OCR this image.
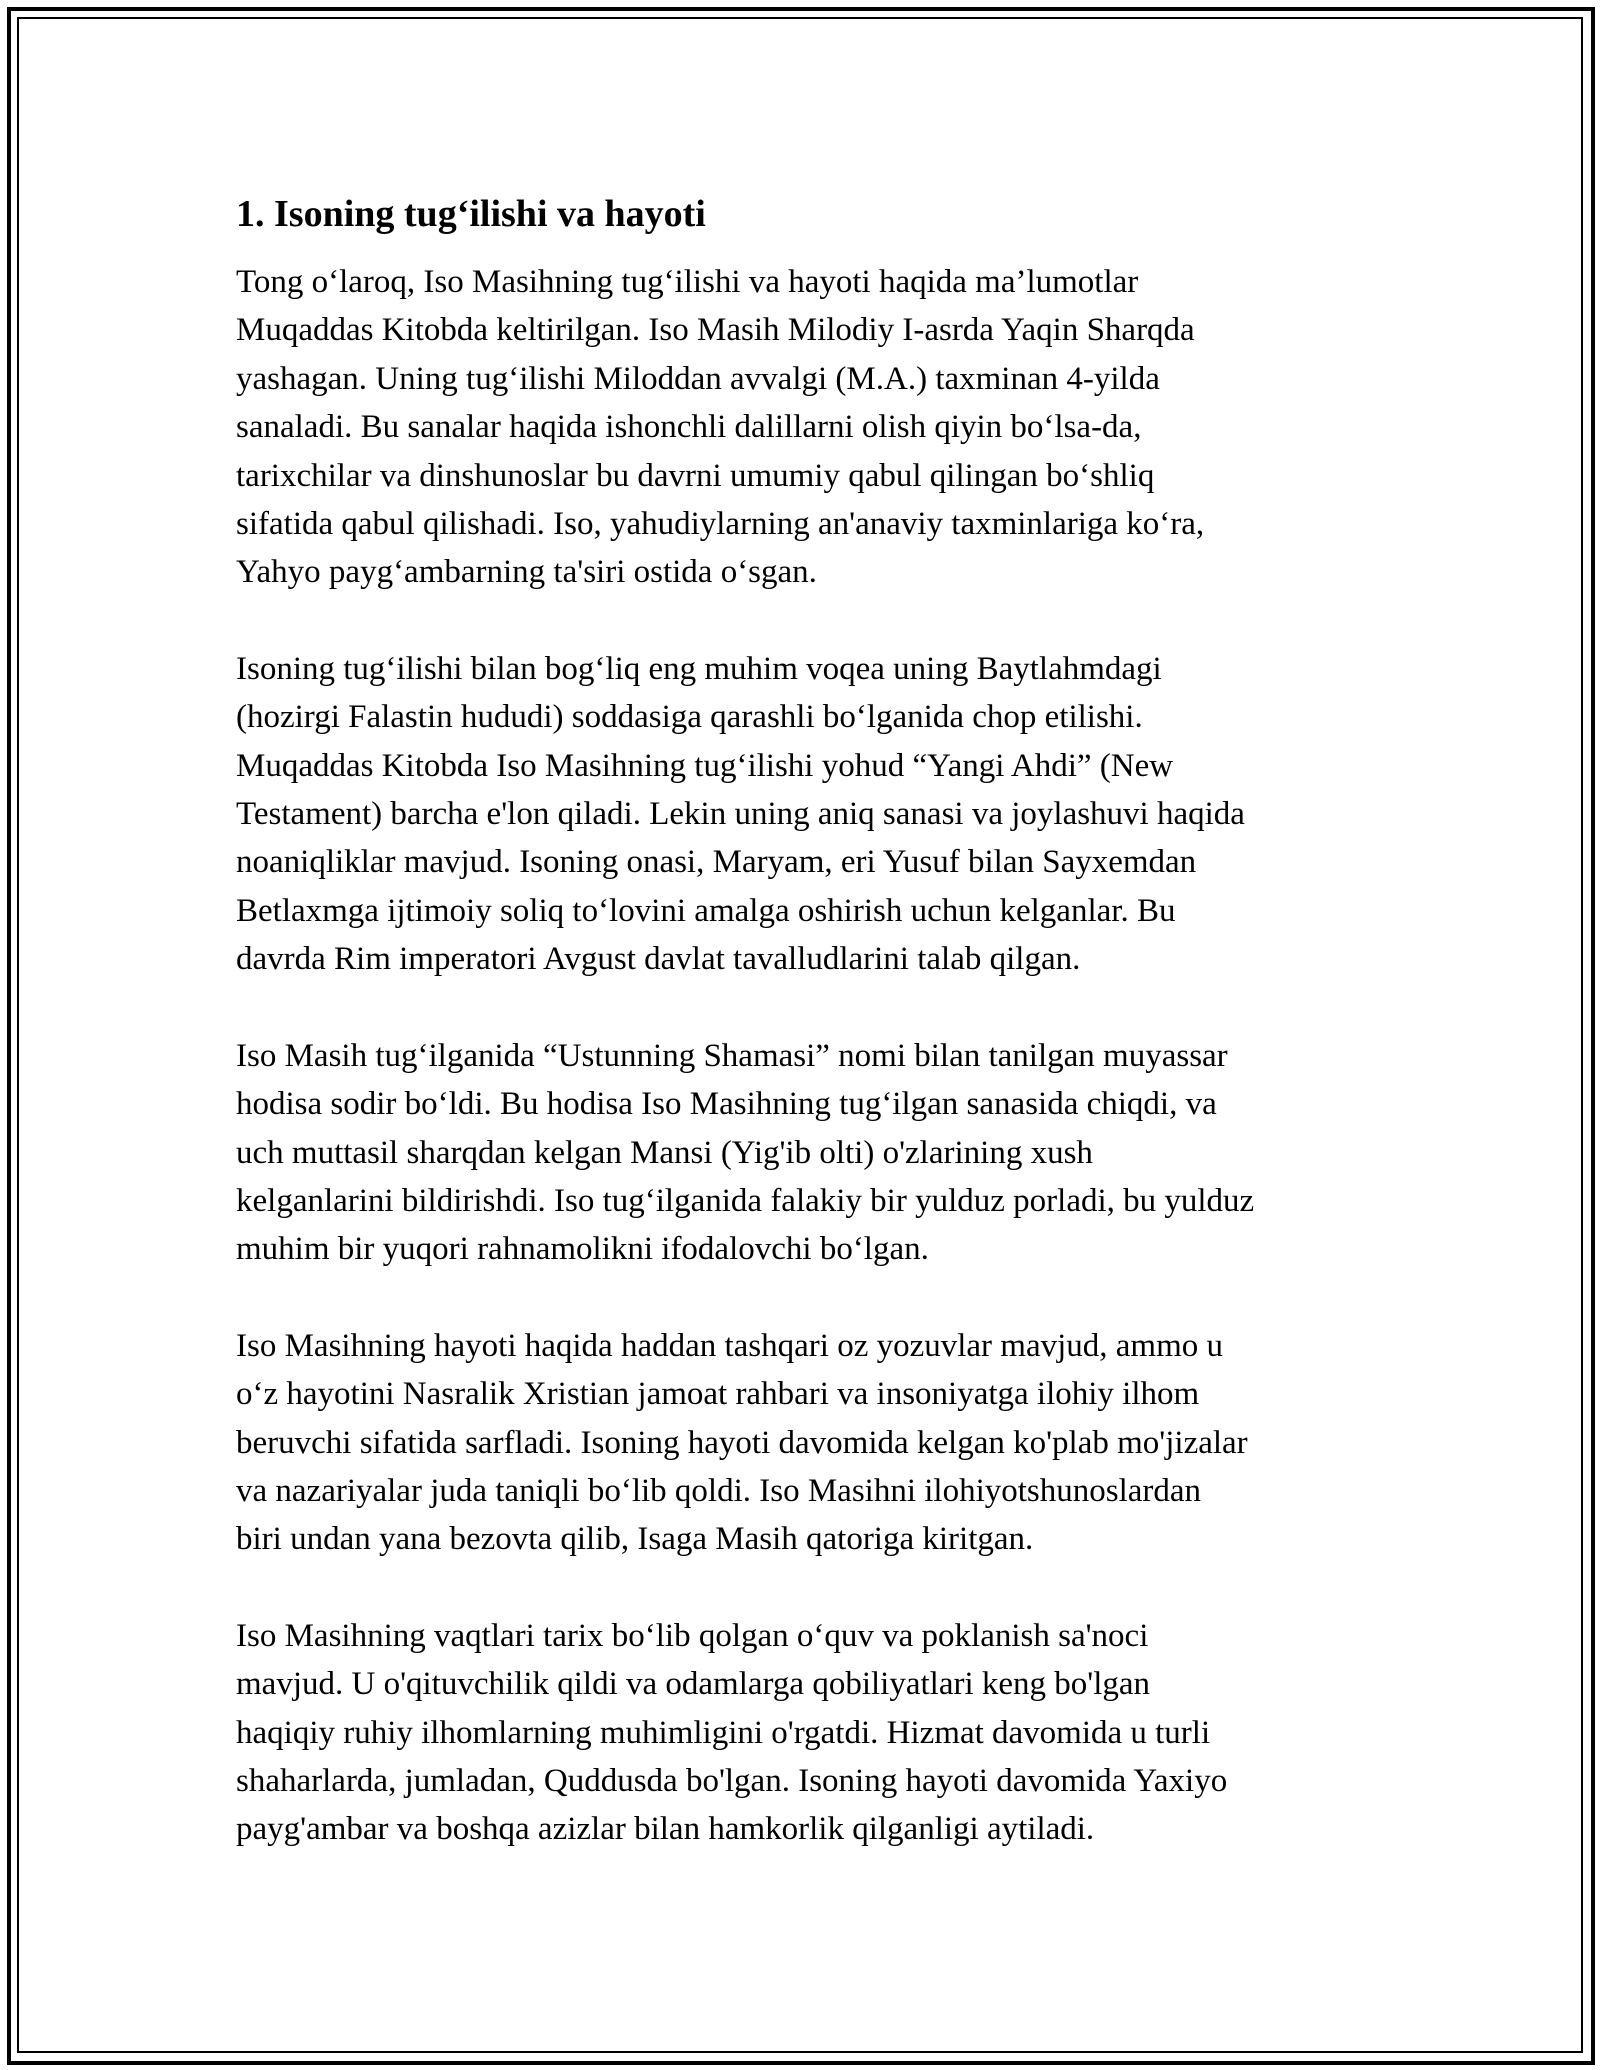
1. Isoning tug‘ilishi va hayoti

Tong o‘laroq, Iso Masihning tug‘ilishi va hayoti haqida ma’lumotlar
Muqaddas Kitobda keltirilgan. Iso Masih Milodiy I-asrda Yaqin Sharqda
yashagan. Uning tug‘ilishi Miloddan avvalgi (M.A.) taxminan 4-yilda
sanaladi. Bu sanalar haqida ishonchli dalillarni olish qiyin bo‘lsa-da,
tarixchilar va dinshunoslar bu davrni umumiy qabul qilingan bo‘shliq
sifatida qabul qilishadi. Iso, yahudiylarning an'anaviy taxminlariga ko‘ra,
Yahyo payg‘ambarning ta'siri ostida o‘sgan.

Isoning tug‘ilishi bilan bog‘liq eng muhim voqea uning Baytlahmdagi
(hozirgi Falastin hududi) soddasiga qarashli bo‘lganida chop etilishi.
Muqaddas Kitobda Iso Masihning tug‘ilishi yohud “Yangi Ahdi” (New
Testament) barcha e'lon qiladi. Lekin uning aniq sanasi va joylashuvi haqida
noaniqliklar mavjud. Isoning onasi, Maryam, eri Yusuf bilan Sayxemdan
Betlaxmga ijtimoiy soliq to‘lovini amalga oshirish uchun kelganlar. Bu
davrda Rim imperatori Avgust davlat tavalludlarini talab qilgan.

Iso Masih tug‘ilganida “Ustunning Shamasi” nomi bilan tanilgan muyassar
hodisa sodir bo‘ldi. Bu hodisa Iso Masihning tug‘ilgan sanasida chiqdi, va
uch muttasil sharqdan kelgan Mansi (Yig'ib olti) o'zlarining xush
kelganlarini bildirishdi. Iso tug‘ilganida falakiy bir yulduz porladi, bu yulduz
muhim bir yuqori rahnamolikni ifodalovchi bo‘lgan.

Iso Masihning hayoti haqida haddan tashqari oz yozuvlar mavjud, ammo u
o‘z hayotini Nasralik Xristian jamoat rahbari va insoniyatga ilohiy ilhom
beruvchi sifatida sarfladi. Isoning hayoti davomida kelgan ko'plab mo'jizalar
va nazariyalar juda taniqli bo‘lib qoldi. Iso Masihni ilohiyotshunoslardan
biri undan yana bezovta qilib, Isaga Masih qatoriga kiritgan.

Iso Masihning vaqtlari tarix bo‘lib qolgan o‘quv va poklanish sa'noci
mavjud. U o'qituvchilik qildi va odamlarga qobiliyatlari keng bo'lgan
haqiqiy ruhiy ilhomlarning muhimligini o'rgatdi. Hizmat davomida u turli
shaharlarda, jumladan, Quddusda bo'lgan. Isoning hayoti davomida Yaxiyo
payg'ambar va boshqa azizlar bilan hamkorlik qilganligi aytiladi.
